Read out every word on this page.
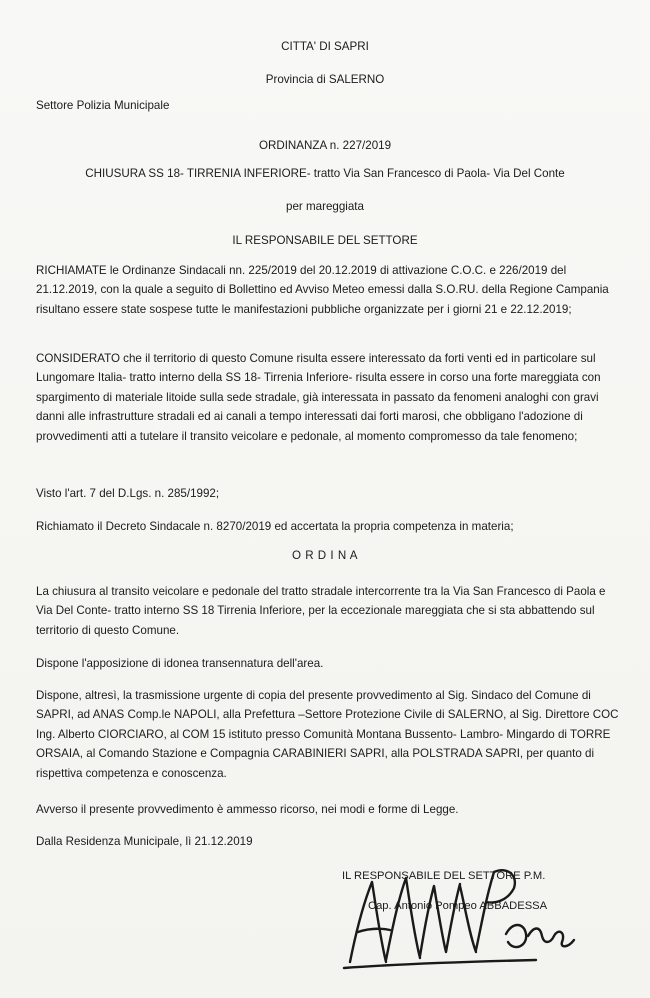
CITTA' DI SAPRI
Provincia di SALERNO
Settore Polizia Municipale
ORDINANZA n. 227/2019
CHIUSURA SS 18- TIRRENIA INFERIORE- tratto Via San Francesco di Paola- Via Del Conte
per mareggiata
IL RESPONSABILE DEL SETTORE
RICHIAMATE le Ordinanze Sindacali nn. 225/2019 del 20.12.2019 di attivazione C.O.C. e 226/2019 del 21.12.2019, con la quale a seguito di Bollettino ed Avviso Meteo emessi dalla S.O.RU. della Regione Campania risultano essere state sospese tutte le manifestazioni pubbliche organizzate per i giorni 21 e 22.12.2019;
CONSIDERATO che il territorio di questo Comune risulta essere interessato da forti venti ed in particolare sul Lungomare Italia- tratto interno della SS 18- Tirrenia Inferiore- risulta essere in corso una forte mareggiata con spargimento di materiale litoide sulla sede stradale, già interessata in passato da fenomeni analoghi con gravi danni alle infrastrutture stradali ed ai canali a tempo interessati dai forti marosi, che obbligano l'adozione di provvedimenti atti a tutelare il transito veicolare e pedonale, al momento compromesso da tale fenomeno;
Visto l'art. 7 del D.Lgs. n. 285/1992;
Richiamato il Decreto Sindacale n. 8270/2019 ed accertata la propria competenza in materia;
O R D I N A
La chiusura al transito veicolare e pedonale del tratto stradale intercorrente tra la Via San Francesco di Paola e Via Del Conte- tratto interno SS 18 Tirrenia Inferiore, per la eccezionale mareggiata che si sta abbattendo sul territorio di questo Comune.
Dispone l'apposizione di idonea transennatura dell'area.
Dispone, altresì, la trasmissione urgente di copia del presente provvedimento al Sig. Sindaco del Comune di SAPRI, ad ANAS Comp.le NAPOLI, alla Prefettura –Settore Protezione Civile di SALERNO, al Sig. Direttore COC Ing. Alberto CIORCIARO, al COM 15 istituto presso Comunità Montana Bussento- Lambro- Mingardo di TORRE ORSAIA, al Comando Stazione e Compagnia CARABINIERI SAPRI, alla POLSTRADA SAPRI, per quanto di rispettiva competenza e conoscenza.
Avverso il presente provvedimento è ammesso ricorso, nei modi e forme di Legge.
Dalla Residenza Municipale, lì 21.12.2019
IL RESPONSABILE DEL SETTORE P.M.
Cap. Antonio Pompeo ABBADESSA
